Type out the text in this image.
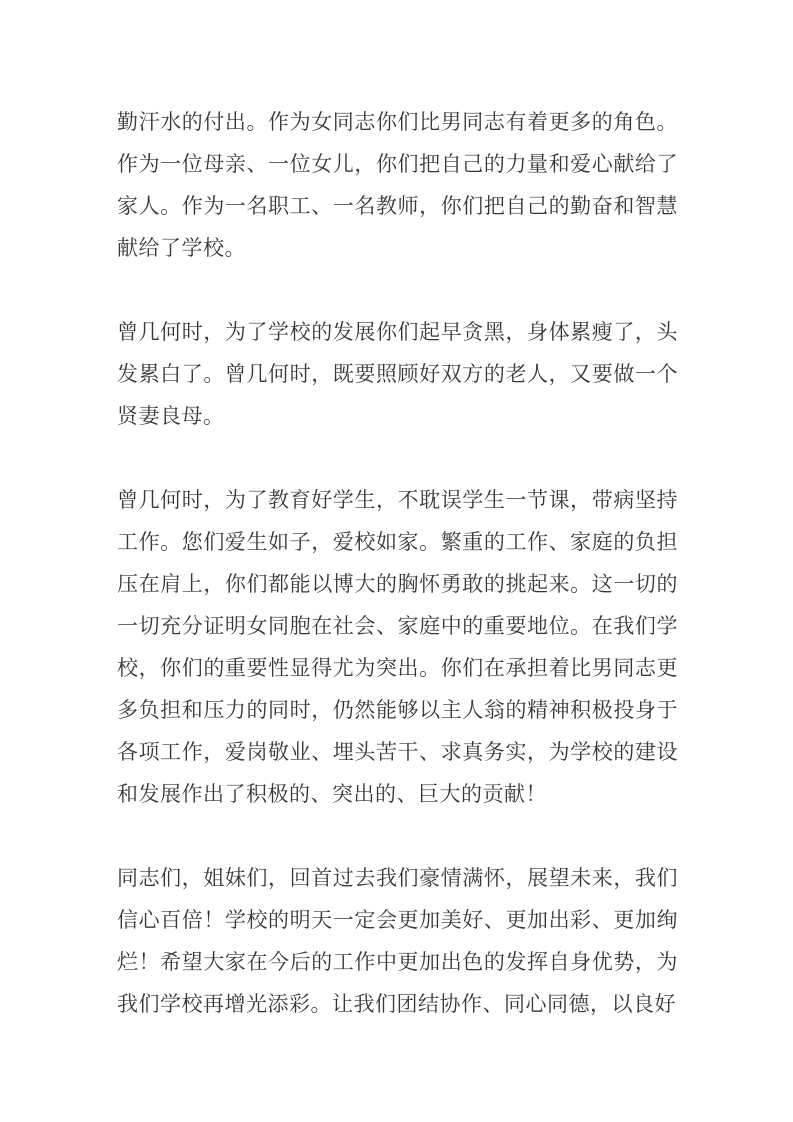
勤汗水的付出。作为女同志你们比男同志有着更多的角色。作为一位母亲、一位女儿，你们把自己的力量和爱心献给了家人。作为一名职工、一名教师，你们把自己的勤奋和智慧献给了学校。

曾几何时，为了学校的发展你们起早贪黑，身体累瘦了，头发累白了。曾几何时，既要照顾好双方的老人，又要做一个贤妻良母。

曾几何时，为了教育好学生，不耽误学生一节课，带病坚持工作。您们爱生如子，爱校如家。繁重的工作、家庭的负担压在肩上，你们都能以博大的胸怀勇敢的挑起来。这一切的一切充分证明女同胞在社会、家庭中的重要地位。在我们学校，你们的重要性显得尤为突出。你们在承担着比男同志更多负担和压力的同时，仍然能够以主人翁的精神积极投身于各项工作，爱岗敬业、埋头苦干、求真务实，为学校的建设和发展作出了积极的、突出的、巨大的贡献！

同志们，姐妹们，回首过去我们豪情满怀，展望未来，我们信心百倍！学校的明天一定会更加美好、更加出彩、更加绚烂！希望大家在今后的工作中更加出色的发挥自身优势，为我们学校再增光添彩。让我们团结协作、同心同德，以良好
